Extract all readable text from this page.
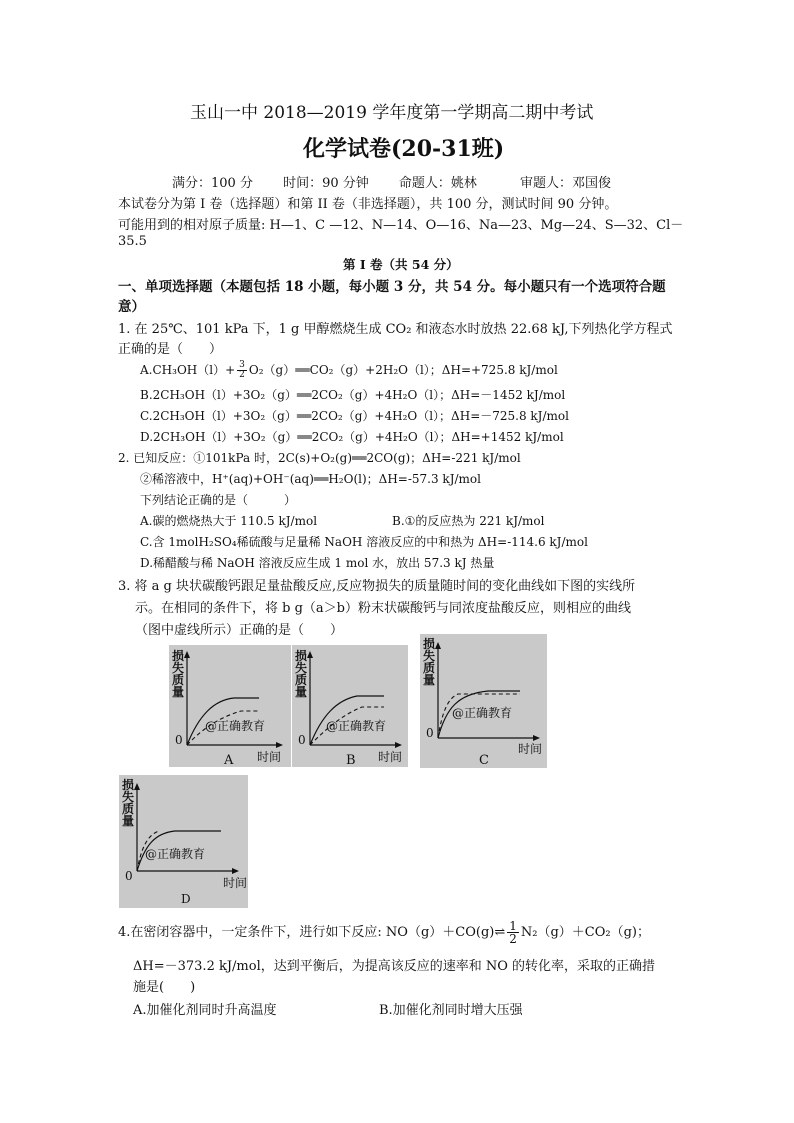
玉山一中 2018—2019 学年度第一学期高二期中考试
化学试卷(20-31班)
满分：100 分　　 时间：90 分钟　　 命题人：姚林　　　 审题人：邓国俊
本试卷分为第 I 卷（选择题）和第 II 卷（非选择题），共 100 分，测试时间 90 分钟。
可能用到的相对原子质量: H—1、C —12、N—14、O—16、Na—23、Mg—24、S—32、Cl－
35.5
第 I 卷（共 54 分）
一、单项选择题（本题包括 18 小题，每小题 3 分，共 54 分。每小题只有一个选项符合题
意）
1. 在 25℃、101 kPa 下，1 g 甲醇燃烧生成 CO₂ 和液态水时放热 22.68 kJ,下列热化学方程式
正确的是（　　）
$A.CH_3OH(l)+ \frac{3}{2}$ O₂（g）══CO₂（g）+2H₂O（l）；ΔH=+725.8 kJ/mol
B.2CH₃OH（l）+3O₂（g）══2CO₂（g）+4H₂O（l）；ΔH=－1452 kJ/mol
C.2CH₃OH（l）+3O₂（g）══2CO₂（g）+4H₂O（l）；ΔH=－725.8 kJ/mol
D.2CH₃OH（l）+3O₂（g）══2CO₂（g）+4H₂O（l）；ΔH=+1452 kJ/mol
2. 已知反应：①101kPa 时，2C(s)+O₂(g)══2CO(g)；ΔH=-221 kJ/mol
②稀溶液中，H⁺(aq)+OH⁻(aq)══H₂O(l)；ΔH=-57.3 kJ/mol
下列结论正确的是（　　　）
A.碳的燃烧热大于 110.5 kJ/mol	B.①的反应热为 221 kJ/mol
C.含 1molH₂SO₄稀硫酸与足量稀 NaOH 溶液反应的中和热为 ΔH=-114.6 kJ/mol
D.稀醋酸与稀 NaOH 溶液反应生成 1 mol 水，放出 57.3 kJ 热量
3. 将 a g 块状碳酸钙跟足量盐酸反应,反应物损失的质量随时间的变化曲线如下图的实线所
示。在相同的条件下，将 b g（a＞b）粉末状碳酸钙与同浓度盐酸反应，则相应的曲线
（图中虚线所示）正确的是（　　）
损
失
质
量
0
时间
@正确教育
A
损
失
质
量
0
时间
@正确教育
B
损
失
质
量
0
时间
@正确教育
C
损
失
质
量
0	时间
@正确教育
D
4.在密闭容器中，一定条件下，进行如下反应: NO（g）＋CO(g)⇌ $\frac{1}{2} N_2(g)+CO_2(g)$；
ΔH=－373.2 kJ/mol，达到平衡后，为提高该反应的速率和 NO 的转化率，采取的正确措
施是(　　)
A.加催化剂同时升高温度	B.加催化剂同时增大压强
